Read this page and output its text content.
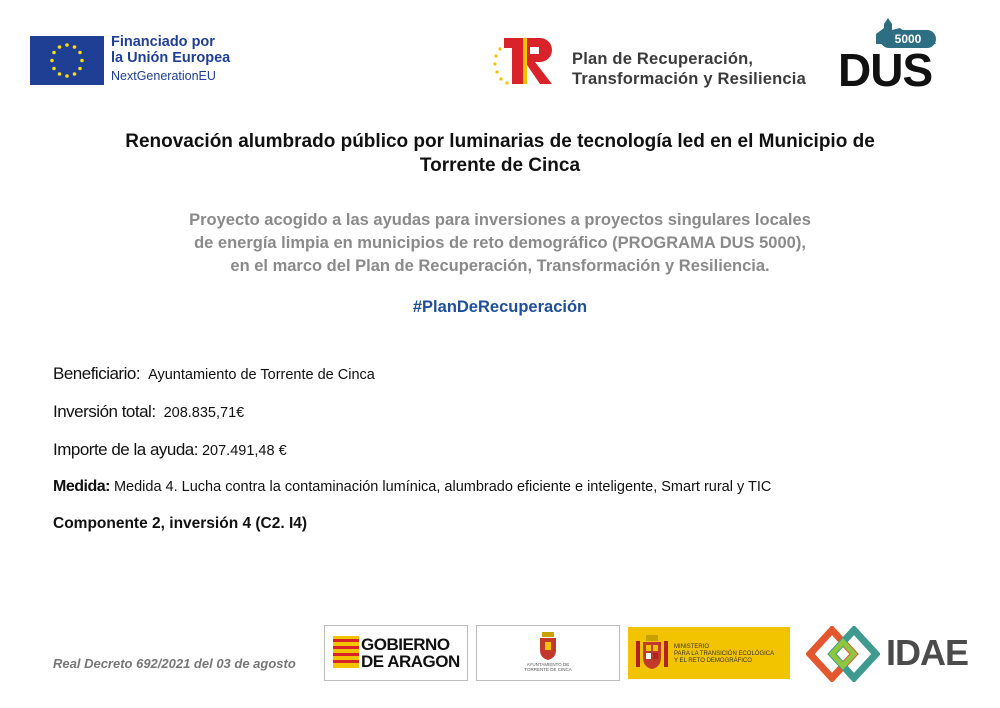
Financiado por
la Unión Europea
NextGenerationEU
Plan de Recuperación,
Transformación y Resiliencia
5000
DUS
Renovación alumbrado público por luminarias de tecnología led en el Municipio de
Torrente de Cinca
Proyecto acogido a las ayudas para inversiones a proyectos singulares locales
de energía limpia en municipios de reto demográfico (PROGRAMA DUS 5000),
en el marco del Plan de Recuperación, Transformación y Resiliencia.
#PlanDeRecuperación
Beneficiario: Ayuntamiento de Torrente de Cinca
Inversión total: 208.835,71€
Importe de la ayuda: 207.491,48 €
Medida: Medida 4. Lucha contra la contaminación lumínica, alumbrado eficiente e inteligente, Smart rural y TIC
Componente 2, inversión 4 (C2. I4)
Real Decreto 692/2021 del 03 de agosto
GOBIERNO
DE ARAGON	AYUNTAMIENTO DE
TORRENTE DE CINCA
MINISTERIO
PARA LA TRANSICIÓN ECOLÓGICA
Y EL RETO DEMOGRÁFICO	IDAE
